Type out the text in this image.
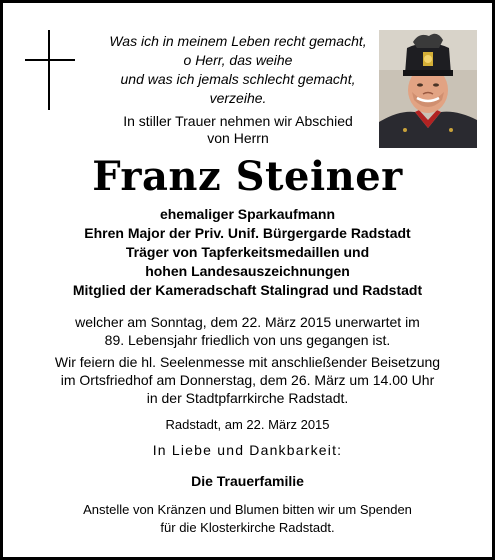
Was ich in meinem Leben recht gemacht,
o Herr, das weihe
und was ich jemals schlecht gemacht,
verzeihe.
In stiller Trauer nehmen wir Abschied
von Herrn
Franz Steiner
ehemaliger Sparkaufmann
Ehren Major der Priv. Unif. Bürgergarde Radstadt
Träger von Tapferkeitsmedaillen und
hohen Landesauszeichnungen
Mitglied der Kameradschaft Stalingrad und Radstadt
welcher am Sonntag, dem 22. März 2015 unerwartet im
89. Lebensjahr friedlich von uns gegangen ist.
Wir feiern die hl. Seelenmesse mit anschließender Beisetzung
im Ortsfriedhof am Donnerstag, dem 26. März um 14.00 Uhr
in der Stadtpfarrkirche Radstadt.
Radstadt, am 22. März 2015
In Liebe und Dankbarkeit:
Die Trauerfamilie
Anstelle von Kränzen und Blumen bitten wir um Spenden
für die Klosterkirche Radstadt.
